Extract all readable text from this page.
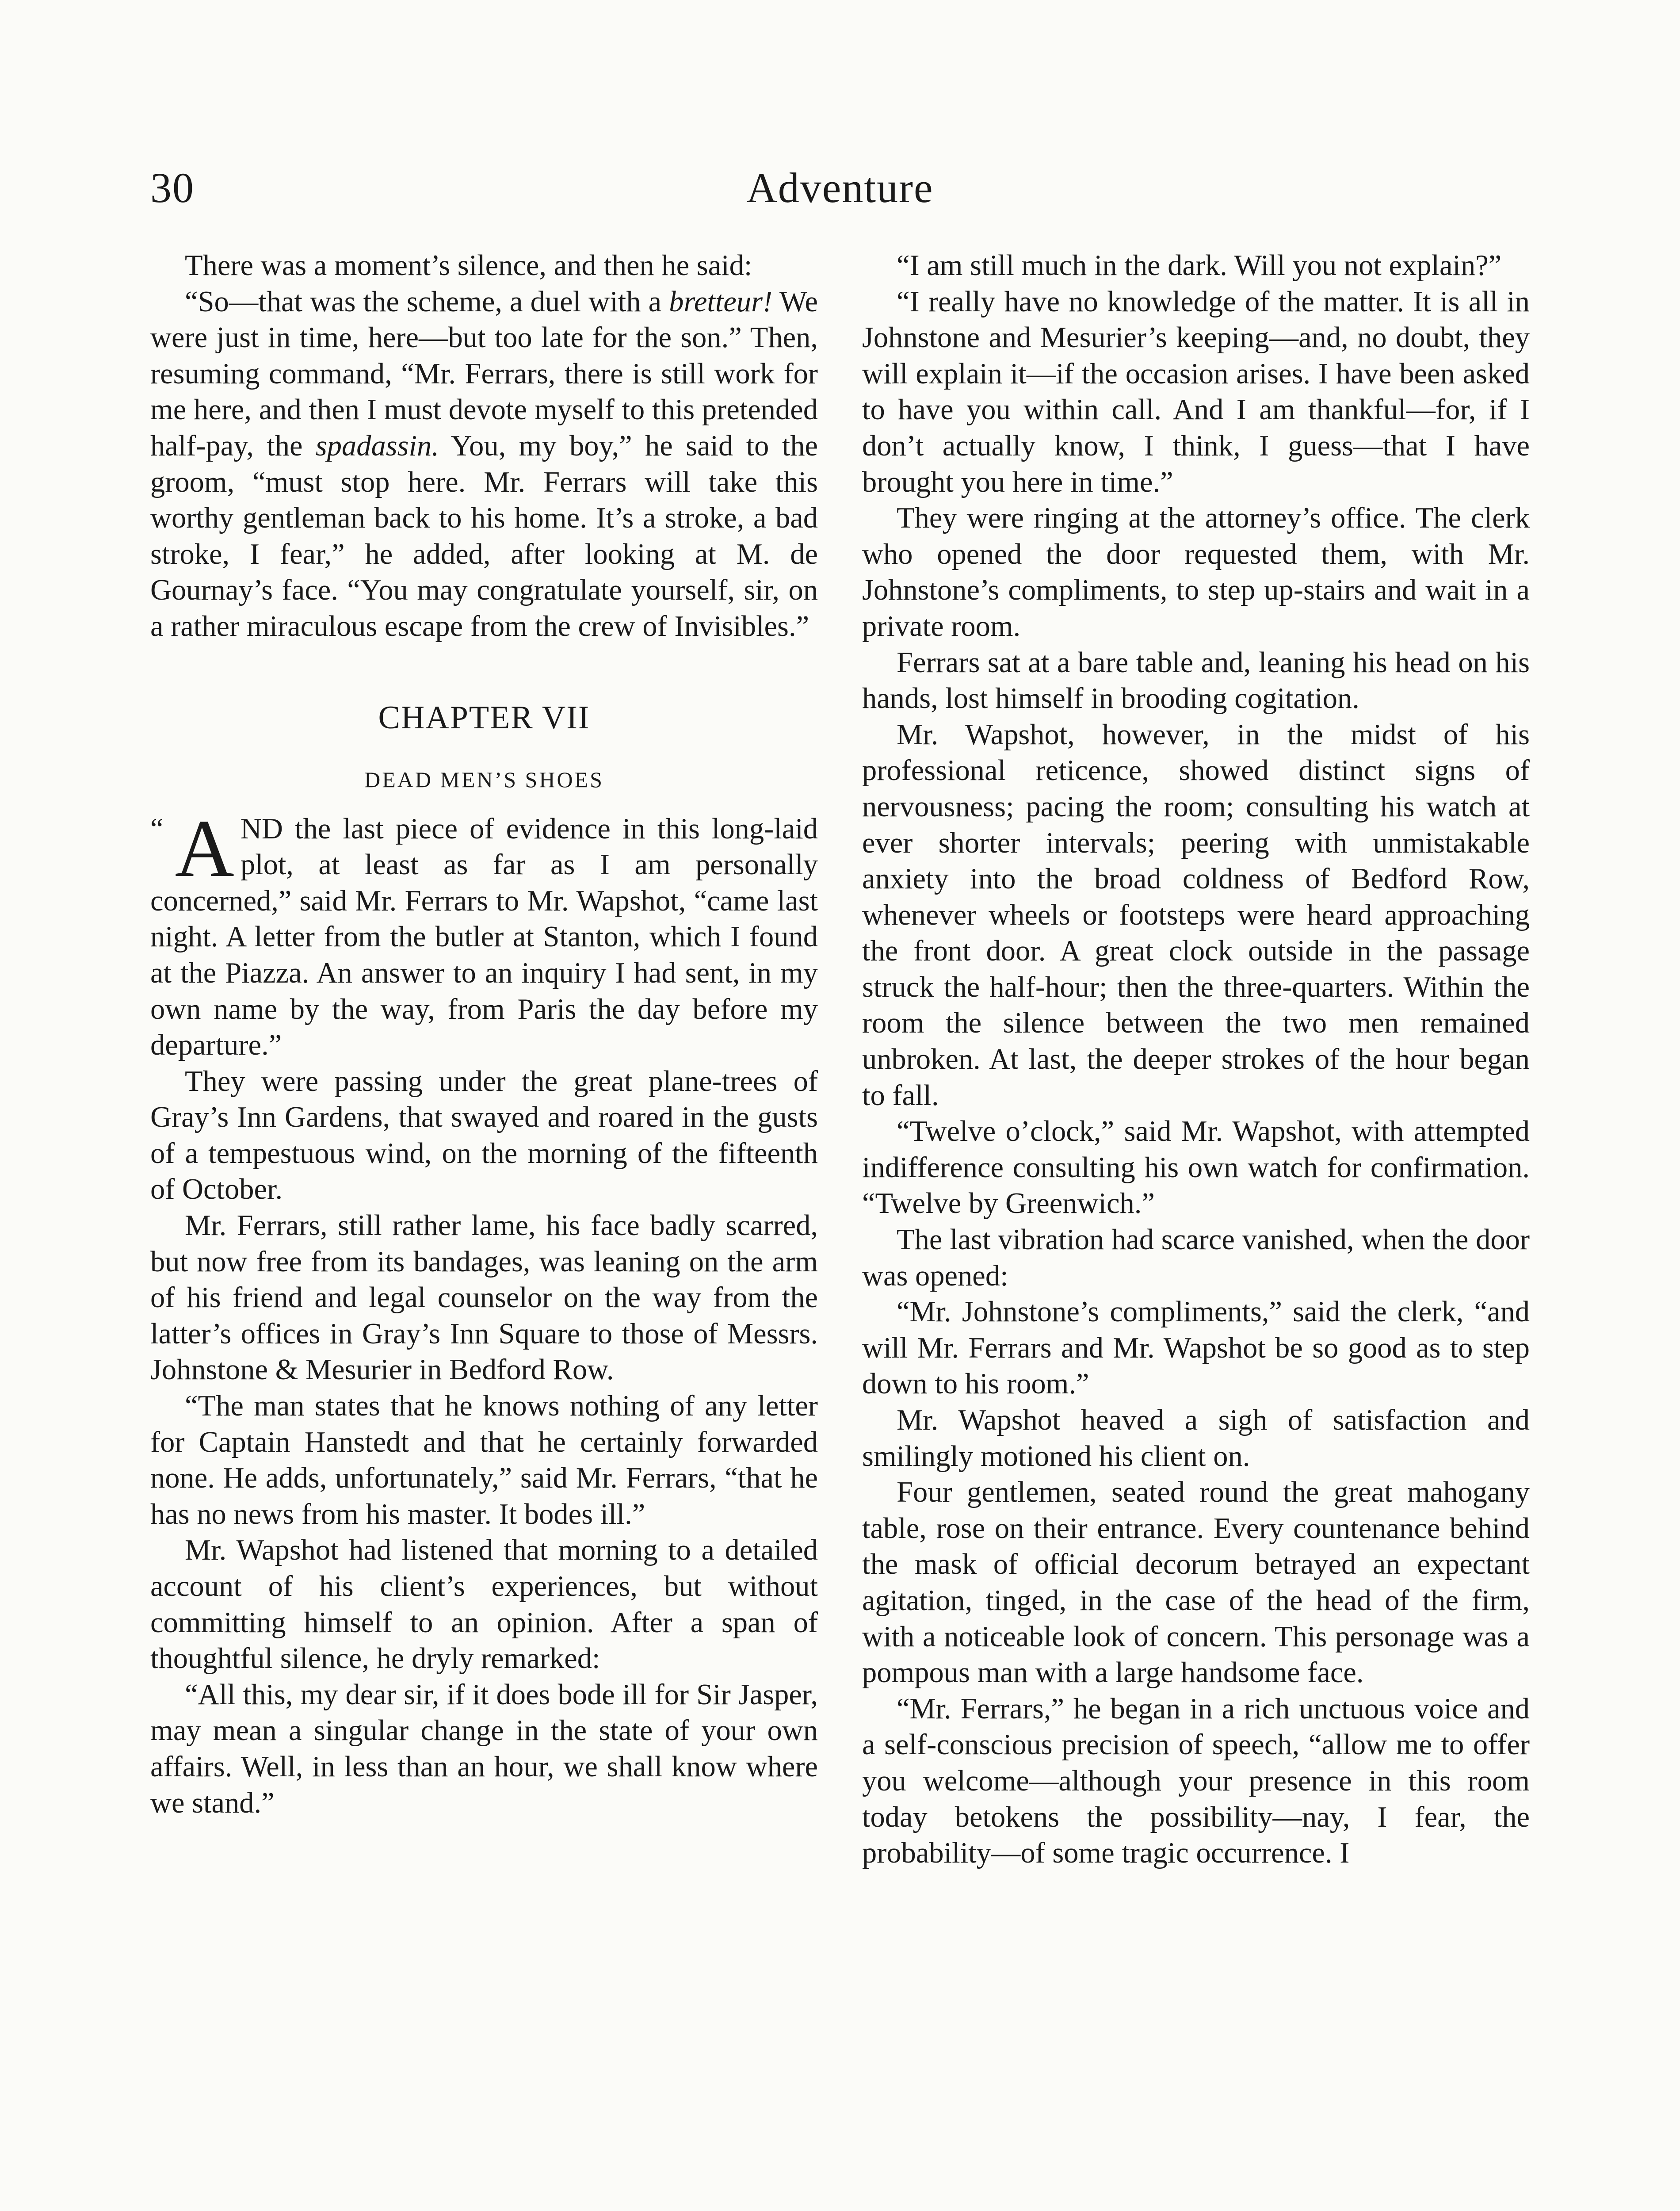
30	Adventure

There was a moment’s silence, and then he said:

“So—that was the scheme, a duel with a bretteur! We were just in time, here—but too late for the son.” Then, resuming command, “Mr. Ferrars, there is still work for me here, and then I must devote myself to this pretended half-pay, the spadassin. You, my boy,” he said to the groom, “must stop here. Mr. Ferrars will take this worthy gentleman back to his home. It’s a stroke, a bad stroke, I fear,” he added, after looking at M. de Gournay’s face. “You may congratulate yourself, sir, on a rather miraculous escape from the crew of Invisibles.”

CHAPTER VII
DEAD MEN’S SHOES

“ A ND the last piece of evidence in this long-laid plot, at least as far as I am personally concerned,” said Mr. Ferrars to Mr. Wapshot, “came last night. A letter from the butler at Stanton, which I found at the Piazza. An answer to an inquiry I had sent, in my own name by the way, from Paris the day before my departure.”

They were passing under the great plane-trees of Gray’s Inn Gardens, that swayed and roared in the gusts of a tempestuous wind, on the morning of the fifteenth of October.

Mr. Ferrars, still rather lame, his face badly scarred, but now free from its bandages, was leaning on the arm of his friend and legal counselor on the way from the latter’s offices in Gray’s Inn Square to those of Messrs. Johnstone & Mesurier in Bedford Row.

“The man states that he knows nothing of any letter for Captain Hanstedt and that he certainly forwarded none. He adds, unfortunately,” said Mr. Ferrars, “that he has no news from his master. It bodes ill.”

Mr. Wapshot had listened that morning to a detailed account of his client’s experiences, but without committing himself to an opinion. After a span of thoughtful silence, he dryly remarked:

“All this, my dear sir, if it does bode ill for Sir Jasper, may mean a singular change in the state of your own affairs. Well, in less than an hour, we shall know where we stand.”

“I am still much in the dark. Will you not explain?”

“I really have no knowledge of the matter. It is all in Johnstone and Mesurier’s keeping—and, no doubt, they will explain it—if the occasion arises. I have been asked to have you within call. And I am thankful—for, if I don’t actually know, I think, I guess—that I have brought you here in time.”

They were ringing at the attorney’s office. The clerk who opened the door requested them, with Mr. Johnstone’s compliments, to step up-stairs and wait in a private room.

Ferrars sat at a bare table and, leaning his head on his hands, lost himself in brooding cogitation.

Mr. Wapshot, however, in the midst of his professional reticence, showed distinct signs of nervousness; pacing the room; consulting his watch at ever shorter intervals; peering with unmistakable anxiety into the broad coldness of Bedford Row, whenever wheels or footsteps were heard approaching the front door. A great clock outside in the passage struck the half-hour; then the three-quarters. Within the room the silence between the two men remained unbroken. At last, the deeper strokes of the hour began to fall.

“Twelve o’clock,” said Mr. Wapshot, with attempted indifference consulting his own watch for confirmation. “Twelve by Greenwich.”

The last vibration had scarce vanished, when the door was opened:

“Mr. Johnstone’s compliments,” said the clerk, “and will Mr. Ferrars and Mr. Wapshot be so good as to step down to his room.”

Mr. Wapshot heaved a sigh of satisfaction and smilingly motioned his client on.

Four gentlemen, seated round the great mahogany table, rose on their entrance. Every countenance behind the mask of official decorum betrayed an expectant agitation, tinged, in the case of the head of the firm, with a noticeable look of concern. This personage was a pompous man with a large handsome face.

“Mr. Ferrars,” he began in a rich unctuous voice and a self-conscious precision of speech, “allow me to offer you welcome—although your presence in this room today betokens the possibility—nay, I fear, the probability—of some tragic occurrence. I
